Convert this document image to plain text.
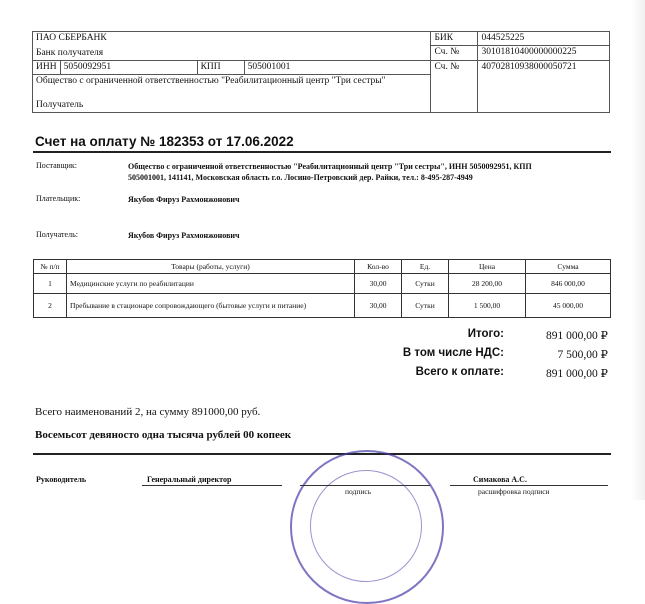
ПАО СБЕРБАНК				БИК	044525225
Банк получателя				Сч. №	30101810400000000225
ИНН	5050092951	КПП	505001001	Сч. №	40702810938000050721
Общество с ограниченной ответственностью "Реабилитационный центр "Три сестры"					
Получатель					
Счет на оплату № 182353 от 17.06.2022
Поставщик:	Общество с ограниченной ответственностью "Реабилитационный центр "Три сестры", ИНН 5050092951, КПП 505001001, 141141, Московская область г.о. Лосино-Петровский дер. Райки, тел.: 8-495-287-4949
Плательщик:	Якубов Фируз Рахмонжонович
Получатель:	Якубов Фируз Рахмонжонович
№ п/п	Товары (работы, услуги)	Кол-во	Ед.	Цена	Сумма
1	Медицинские услуги по реабилитации	30,00	Сутки	28 200,00	846 000,00
2	Пребывание в стационаре сопровождающего (бытовые услуги и питание)	30,00	Сутки	1 500,00	45 000,00
Итого:	891 000,00 ₽
В том числе НДС:	7 500,00 ₽
Всего к оплате:	891 000,00 ₽
Всего наименований 2, на сумму 891000,00 руб.
Восемьсот девяносто одна тысяча рублей 00 копеек
Руководитель	Генеральный директор
подпись
Симакова А.С.
расшифровка подписи
